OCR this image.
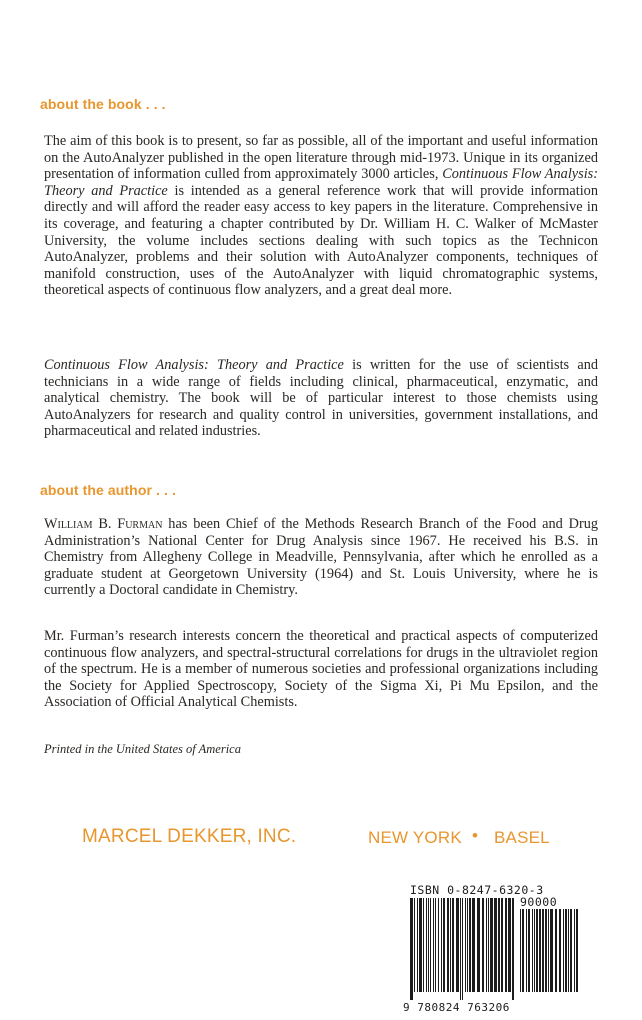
about the book . . .

The aim of this book is to present, so far as possible, all of the important and useful information on the AutoAnalyzer published in the open literature through mid-1973. Unique in its organized presentation of information culled from approximately 3000 articles, Continuous Flow Analysis: Theory and Practice is intended as a general reference work that will provide information directly and will afford the reader easy access to key papers in the literature. Comprehensive in its coverage, and featuring a chapter contributed by Dr. William H. C. Walker of McMaster University, the volume includes sections dealing with such topics as the Technicon AutoAnalyzer, problems and their solution with AutoAnalyzer components, techniques of manifold construction, uses of the AutoAnalyzer with liquid chromatographic systems, theoretical aspects of continuous flow analyzers, and a great deal more.

Continuous Flow Analysis: Theory and Practice is written for the use of scientists and technicians in a wide range of fields including clinical, pharmaceutical, enzymatic, and analytical chemistry. The book will be of particular interest to those chemists using AutoAnalyzers for research and quality control in universities, government installations, and pharmaceutical and related industries.

about the author . . .

William B. Furman has been Chief of the Methods Research Branch of the Food and Drug Administration’s National Center for Drug Analysis since 1967. He received his B.S. in Chemistry from Allegheny College in Meadville, Pennsylvania, after which he enrolled as a graduate student at Georgetown University (1964) and St. Louis University, where he is currently a Doctoral candidate in Chemistry.

Mr. Furman’s research interests concern the theoretical and practical aspects of computerized continuous flow analyzers, and spectral-structural correlations for drugs in the ultraviolet region of the spectrum. He is a member of numerous societies and professional organizations including the Society for Applied Spectroscopy, Society of the Sigma Xi, Pi Mu Epsilon, and the Association of Official Analytical Chemists.

Printed in the United States of America
MARCEL DEKKER, INC.	NEW YORK • BASEL
ISBN 0-8247-6320-3
90000
9 780824 763206
